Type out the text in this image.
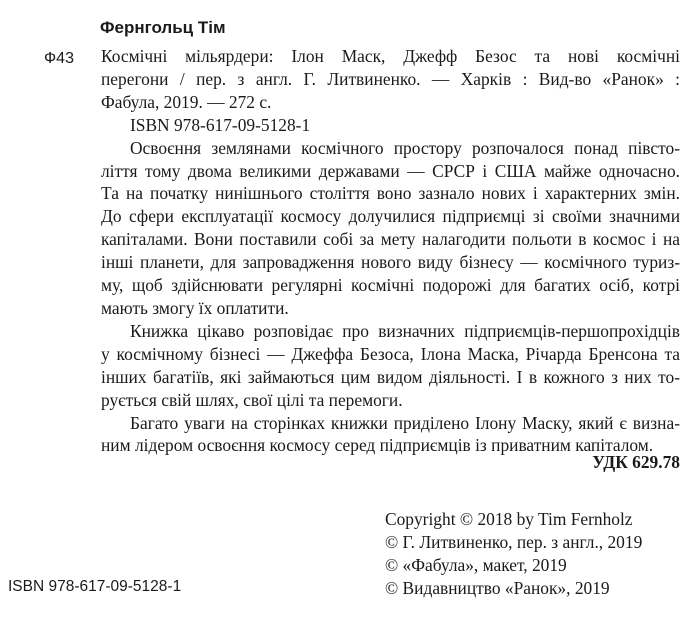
Фернгольц Тім
Ф43 Космічні мільярдери: Ілон Маск, Джефф Безос та нові космічні
перегони / пер. з англ. Г. Литвиненко. — Харків : Вид-во «Ранок» :
Фабула, 2019. — 272 с.
ISBN 978-617-09-5128-1
Освоєння землянами космічного простору розпочалося понад півсто-
ліття тому двома великими державами — СРСР і США майже одночасно.
Та на початку нинішнього століття воно зазнало нових і характерних змін.
До сфери експлуатації космосу долучилися підприємці зі своїми значними
капіталами. Вони поставили собі за мету налагодити польоти в космос і на
інші планети, для запровадження нового виду бізнесу — космічного туриз-
му, щоб здійснювати регулярні космічні подорожі для багатих осіб, котрі
мають змогу їх оплатити.
Книжка цікаво розповідає про визначних підприємців-першопрохідців
у космічному бізнесі — Джеффа Безоса, Ілона Маска, Річарда Бренсона та
інших багатіїв, які займаються цим видом діяльності. І в кожного з них то-
рується свій шлях, свої цілі та перемоги.
Багато уваги на сторінках книжки приділено Ілону Маску, який є визна-
ним лідером освоєння космосу серед підприємців із приватним капіталом.
УДК 629.78
Copyright © 2018 by Tim Fernholz
© Г. Литвиненко, пер. з англ., 2019
© «Фабула», макет, 2019
© Видавництво «Ранок», 2019
ISBN 978-617-09-5128-1
